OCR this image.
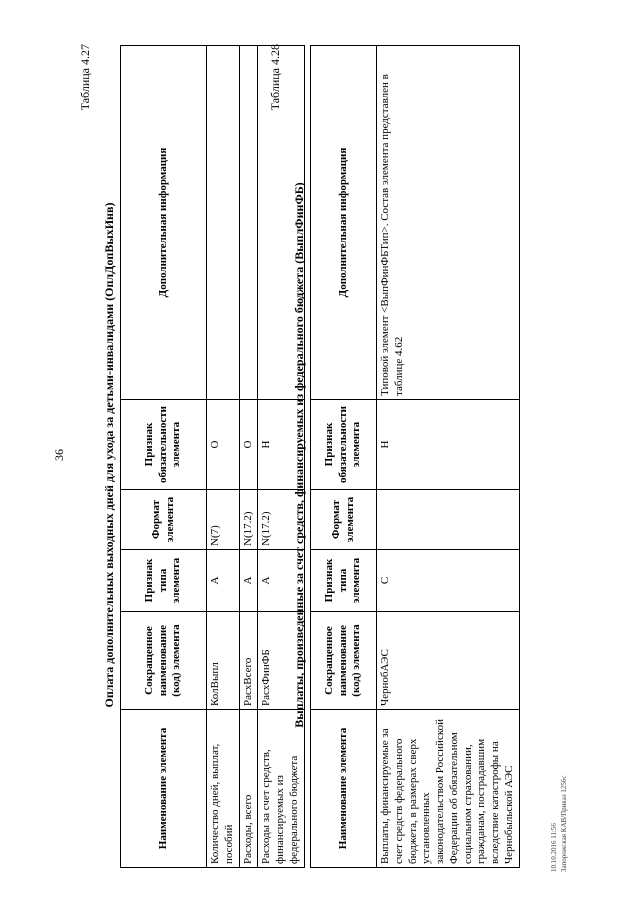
36
Таблица 4.27
Оплата дополнительных выходных дней для ухода за детьми-инвалидами (ОплДопВыхИнв)
Наименование элемента	Сокращенное наименование (код) элемента	Признак типа элемента	Формат элемента	Признак обязательности элемента	Дополнительная информация
Количество дней, выплат, пособий	КолВыпл	А	N(7)	О	
Расходы, всего	РасхВсего	А	N(17.2)	О	
Расходы за счет средств, финансируемых из федерального бюджета	РасхФинФБ	А	N(17.2)	Н	
Таблица 4.28
Выплаты, произведенные за счет средств, финансируемых из федерального бюджета (ВыплФинФБ)
Наименование элемента	Сокращенное наименование (код) элемента	Признак типа элемента	Формат элемента	Признак обязательности элемента	Дополнительная информация
Выплаты, финансируемые за счет средств федерального бюджета, в размерах сверх установленных законодательством Российской Федерации об обязательном социальном страховании, гражданам, пострадавшим вследствие катастрофы на Чернобыльской АЭС	ЧернобАЭС	С		Н	Типовой элемент <ВыпФинФБТип>. Состав элемента представлен в таблице 4.62
10.10.2016 11:56 Запорожская КАВ/Приказ 1256с
